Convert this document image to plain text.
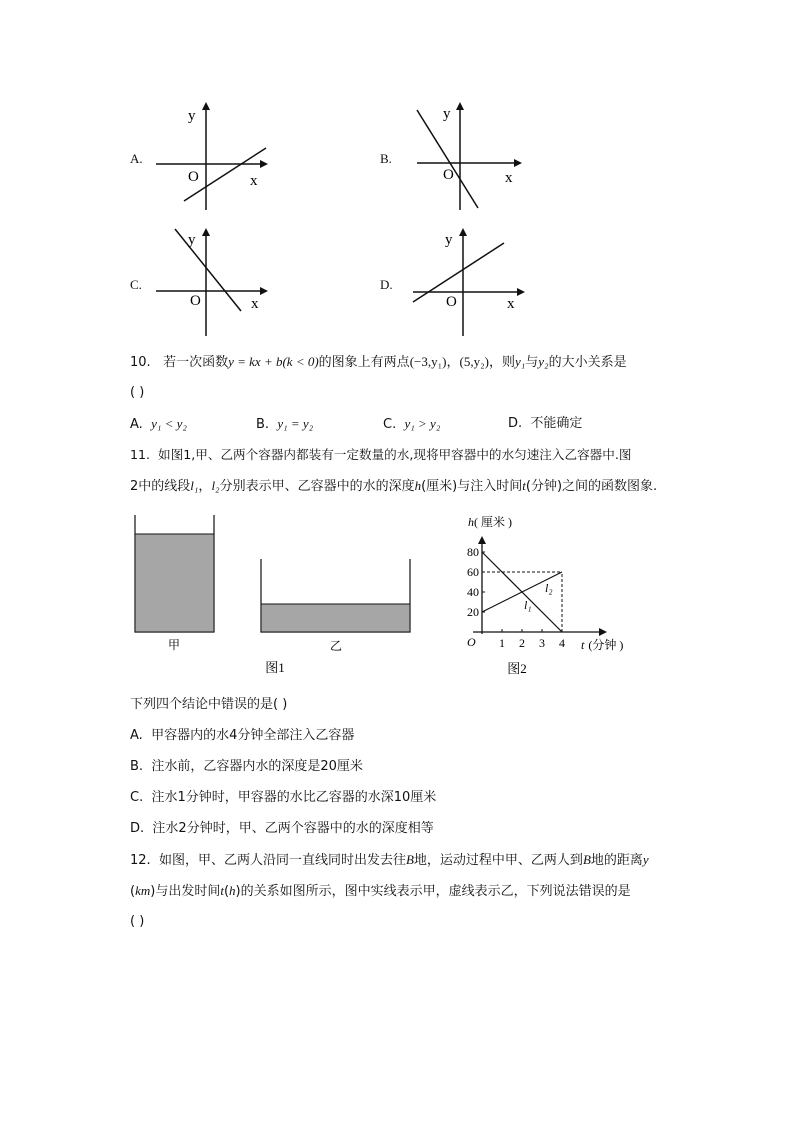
A.
y
x
O
B.
y
x
O
C.
y
x
O
D.
y
x
O
10. 若一次函数y = kx + b(k < 0)的图象上有两点(−3,y₁)，(5,y₂)，则y₁与y₂的大小关系是
( )
A. y₁ < y₂	B. y₁ = y₂	C. y₁ > y₂	D. 不能确定
11. 如图1,甲、乙两个容器内都装有一定数量的水,现将甲容器中的水匀速注入乙容器中.图
2中的线段l₁，l₂分别表示甲、乙容器中的水的深度h(厘米)与注入时间t(分钟)之间的函数图象.
甲	乙
图1
1 2 3 4
20
40
60
80
h( 厘米 )
t (分钟 )
O
l₂
l₁
图2
下列四个结论中错误的是( )
A. 甲容器内的水4分钟全部注入乙容器
B. 注水前，乙容器内水的深度是20厘米
C. 注水1分钟时，甲容器的水比乙容器的水深10厘米
D. 注水2分钟时，甲、乙两个容器中的水的深度相等
12. 如图，甲、乙两人沿同一直线同时出发去往B地，运动过程中甲、乙两人到B地的距离y
(km)与出发时间t(h)的关系如图所示，图中实线表示甲，虚线表示乙，下列说法错误的是
( )
